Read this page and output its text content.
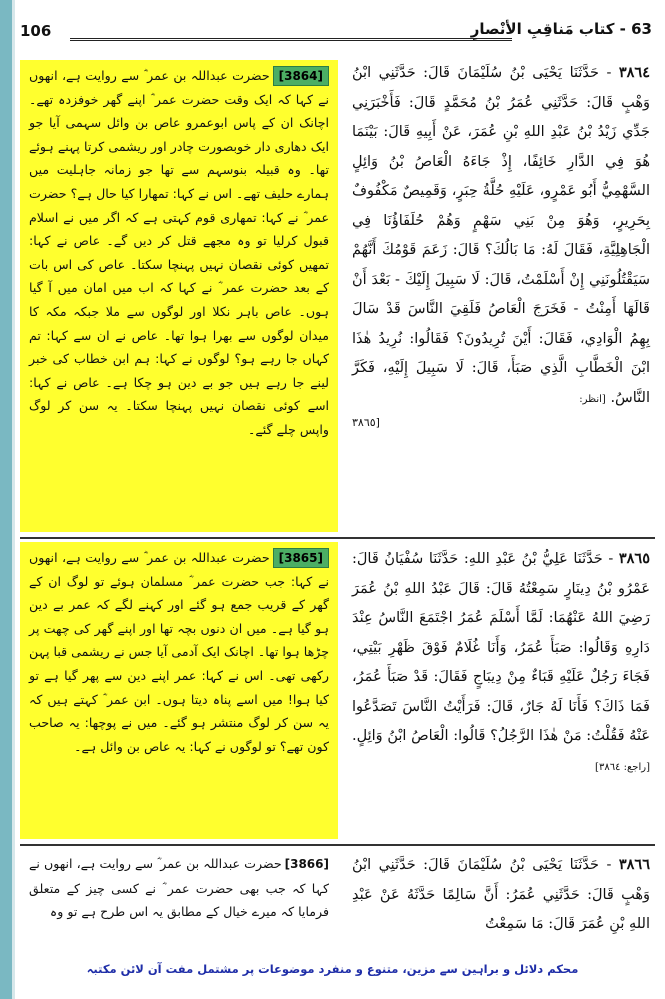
106	63 - كتاب مَناقِبِ الأنْصارِ
[3864]حضرت عبداللہ بن عمر ؓ سے روایت ہے، انھوں نے کہا کہ ایک وقت حضرت عمر ؓ اپنے گھر خوفزدہ تھے۔ اچانک ان کے پاس ابوعمرو عاص بن وائل سہمی آیا جو ایک دھاری دار خوبصورت چادر اور ریشمی کرتا پہنے ہوئے تھا۔ وہ قبیلہ بنوسہم سے تھا جو زمانہ جاہلیت میں ہمارے حلیف تھے۔ اس نے کہا: تمھارا کیا حال ہے؟ حضرت عمر ؓ نے کہا: تمھاری قوم کہتی ہے کہ اگر میں نے اسلام قبول کرلیا تو وہ مجھے قتل کر دیں گے۔ عاص نے کہا: تمھیں کوئی نقصان نہیں پہنچا سکتا۔ عاص کی اس بات کے بعد حضرت عمر ؓ نے کہا کہ اب میں امان میں آ گیا ہوں۔ عاص باہر نکلا اور لوگوں سے ملا جبکہ مکہ کا میدان لوگوں سے بھرا ہوا تھا۔ عاص نے ان سے کہا: تم کہاں جا رہے ہو؟ لوگوں نے کہا: ہم ابن خطاب کی خبر لینے جا رہے ہیں جو بے دین ہو چکا ہے۔ عاص نے کہا: اسے کوئی نقصان نہیں پہنچا سکتا۔ یہ سن کر لوگ واپس چلے گئے۔
٣٨٦٤ - حَدَّثَنَا يَحْيَى بْنُ سُلَيْمَانَ قَالَ: حَدَّثَنِي ابْنُ وَهْبٍ قَالَ: حَدَّثَنِي عُمَرُ بْنُ مُحَمَّدٍ قَالَ: فَأَخْبَرَنِي جَدِّي زَيْدُ بْنُ عَبْدِ اللهِ بْنِ عُمَرَ، عَنْ أَبِيهِ قَالَ: بَيْنَمَا هُوَ فِي الدَّارِ خَائِفًا، إِذْ جَاءَهُ الْعَاصُ بْنُ وَائِلٍ السَّهْمِيُّ أَبُو عَمْرٍو، عَلَيْهِ حُلَّةُ حِبَرٍ، وَقَمِيصٌ مَكْفُوفٌ بِحَرِيرٍ، وَهُوَ مِنْ بَنِي سَهْمٍ وَهُمْ حُلَفَاؤُنَا فِي الْجَاهِلِيَّةِ، فَقَالَ لَهُ: مَا بَالُكَ؟ قَالَ: زَعَمَ قَوْمُكَ أَنَّهُمْ سَيَقْتُلُونَنِي إِنْ أَسْلَمْتُ، قَالَ: لَا سَبِيلَ إِلَيْكَ - بَعْدَ أَنْ قَالَهَا أَمِنْتُ - فَخَرَجَ الْعَاصُ فَلَقِيَ النَّاسَ قَدْ سَالَ بِهِمُ الْوَادِي، فَقَالَ: أَيْنَ تُرِيدُونَ؟ فَقَالُوا: نُرِيدُ هٰذَا ابْنَ الْخَطَّابِ الَّذِي صَبَأَ، قَالَ: لَا سَبِيلَ إِلَيْهِ، فَكَرَّ النَّاسُ. [انظر:
٣٨٦٥]
[3865]حضرت عبداللہ بن عمر ؓ سے روایت ہے، انھوں نے کہا: جب حضرت عمر ؓ مسلمان ہوئے تو لوگ ان کے گھر کے قریب جمع ہو گئے اور کہنے لگے کہ عمر بے دین ہو گیا ہے۔ میں ان دنوں بچہ تھا اور اپنے گھر کی چھت پر چڑھا ہوا تھا۔ اچانک ایک آدمی آیا جس نے ریشمی قبا پہن رکھی تھی۔ اس نے کہا: عمر اپنے دین سے پھر گیا ہے تو کیا ہوا! میں اسے پناہ دیتا ہوں۔ ابن عمر ؓ کہتے ہیں کہ یہ سن کر لوگ منتشر ہو گئے۔ میں نے پوچھا: یہ صاحب کون تھے؟ تو لوگوں نے کہا: یہ عاص بن وائل ہے۔
٣٨٦٥ - حَدَّثَنَا عَلِيُّ بْنُ عَبْدِ اللهِ: حَدَّثَنَا سُفْيَانُ قَالَ: عَمْرُو بْنُ دِينَارٍ سَمِعْتُهُ قَالَ: قَالَ عَبْدُ اللهِ بْنُ عُمَرَ رَضِيَ اللهُ عَنْهُمَا: لَمَّا أَسْلَمَ عُمَرُ اجْتَمَعَ النَّاسُ عِنْدَ دَارِهِ وَقَالُوا: صَبَأَ عُمَرُ، وَأَنَا غُلَامٌ فَوْقَ ظَهْرِ بَيْتِي، فَجَاءَ رَجُلٌ عَلَيْهِ قَبَاءٌ مِنْ دِيبَاجٍ فَقَالَ: قَدْ صَبَأَ عُمَرُ، فَمَا ذَاكَ؟ فَأَنَا لَهُ جَارٌ، قَالَ: فَرَأَيْتُ النَّاسَ تَصَدَّعُوا عَنْهُ فَقُلْتُ: مَنْ هٰذَا الرَّجُلُ؟ قَالُوا: الْعَاصُ ابْنُ وَائِلٍ. [راجع: ٣٨٦٤]
[3866]حضرت عبداللہ بن عمر ؓ سے روایت ہے، انھوں نے کہا کہ جب بھی حضرت عمر ؓ نے کسی چیز کے متعلق فرمایا کہ میرے خیال کے مطابق یہ اس طرح ہے تو وہ
٣٨٦٦ - حَدَّثَنَا يَحْيَى بْنُ سُلَيْمَانَ قَالَ: حَدَّثَنِي ابْنُ وَهْبٍ قَالَ: حَدَّثَنِي عُمَرُ: أَنَّ سَالِمًا حَدَّثَهُ عَنْ عَبْدِ اللهِ بْنِ عُمَرَ قَالَ: مَا سَمِعْتُ
محکم دلائل و براہین سے مزین، متنوع و منفرد موضوعات پر مشتمل مفت آن لائن مکتبہ
